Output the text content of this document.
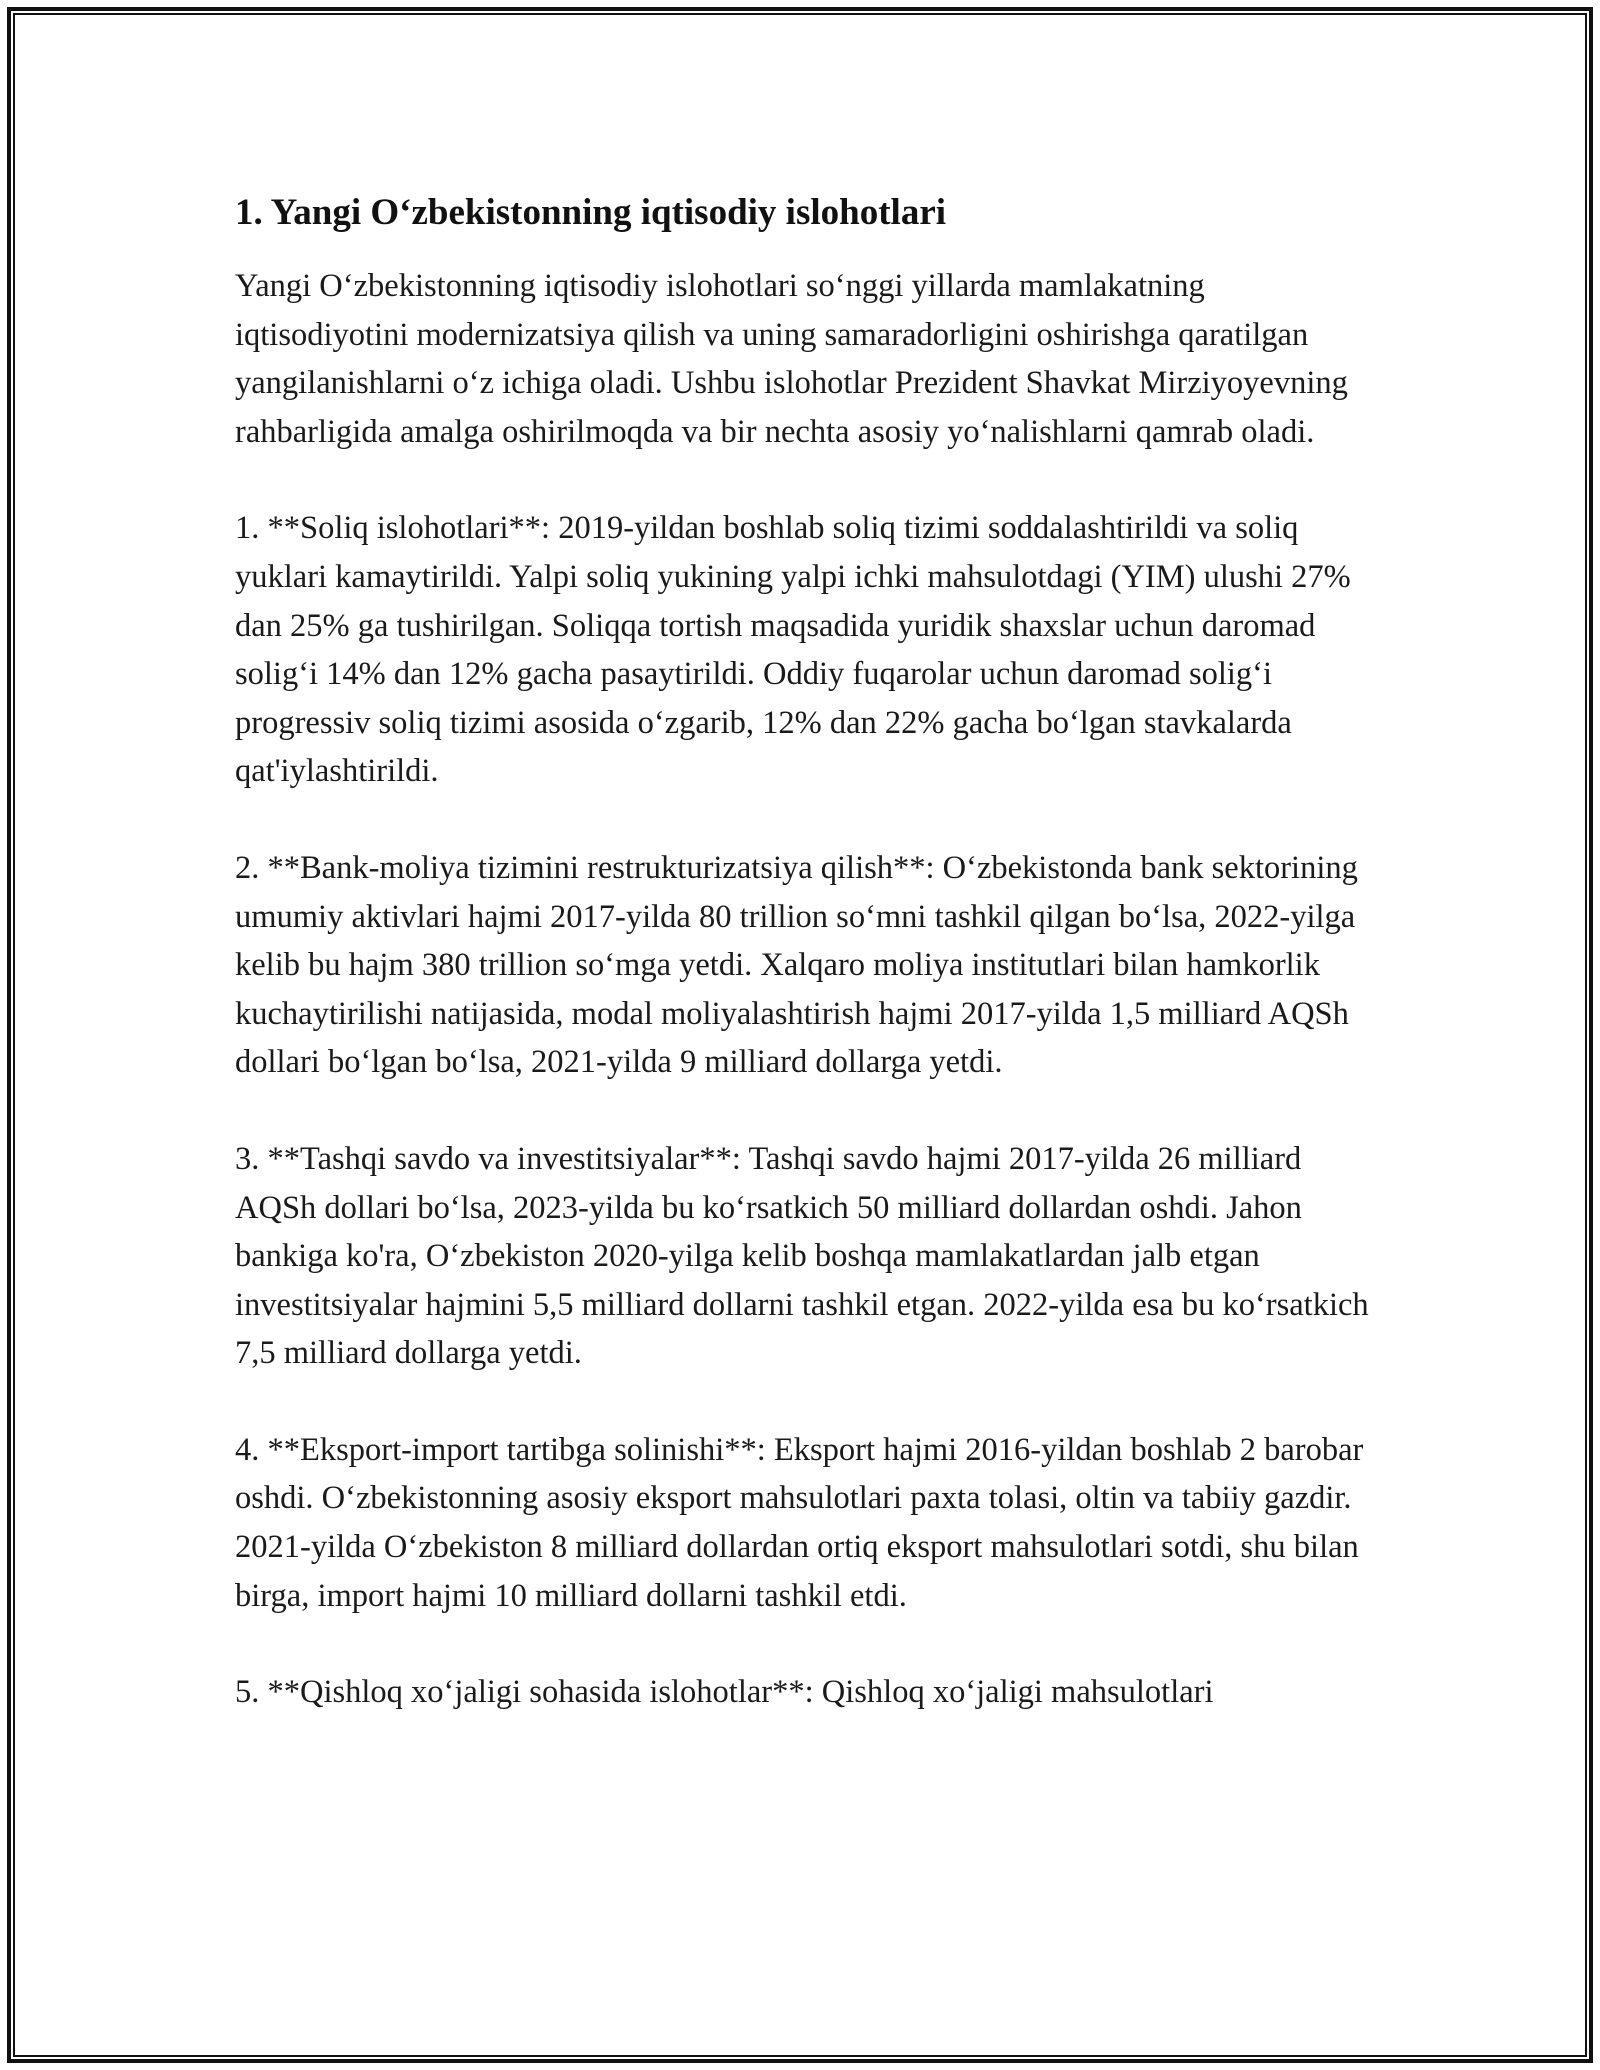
1. Yangi O‘zbekistonning iqtisodiy islohotlari

Yangi O‘zbekistonning iqtisodiy islohotlari so‘nggi yillarda mamlakatning iqtisodiyotini modernizatsiya qilish va uning samaradorligini oshirishga qaratilgan yangilanishlarni o‘z ichiga oladi. Ushbu islohotlar Prezident Shavkat Mirziyoyevning rahbarligida amalga oshirilmoqda va bir nechta asosiy yo‘nalishlarni qamrab oladi.

1. **Soliq islohotlari**: 2019-yildan boshlab soliq tizimi soddalashtirildi va soliq yuklari kamaytirildi. Yalpi soliq yukining yalpi ichki mahsulotdagi (YIM) ulushi 27% dan 25% ga tushirilgan. Soliqqa tortish maqsadida yuridik shaxslar uchun daromad solig‘i 14% dan 12% gacha pasaytirildi. Oddiy fuqarolar uchun daromad solig‘i progressiv soliq tizimi asosida o‘zgarib, 12% dan 22% gacha bo‘lgan stavkalarda qat'iylashtirildi.

2. **Bank-moliya tizimini restrukturizatsiya qilish**: O‘zbekistonda bank sektorining umumiy aktivlari hajmi 2017-yilda 80 trillion so‘mni tashkil qilgan bo‘lsa, 2022-yilga kelib bu hajm 380 trillion so‘mga yetdi. Xalqaro moliya institutlari bilan hamkorlik kuchaytirilishi natijasida, modal moliyalashtirish hajmi 2017-yilda 1,5 milliard AQSh dollari bo‘lgan bo‘lsa, 2021-yilda 9 milliard dollarga yetdi.

3. **Tashqi savdo va investitsiyalar**: Tashqi savdo hajmi 2017-yilda 26 milliard AQSh dollari bo‘lsa, 2023-yilda bu ko‘rsatkich 50 milliard dollardan oshdi. Jahon bankiga ko'ra, O‘zbekiston 2020-yilga kelib boshqa mamlakatlardan jalb etgan investitsiyalar hajmini 5,5 milliard dollarni tashkil etgan. 2022-yilda esa bu ko‘rsatkich 7,5 milliard dollarga yetdi.

4. **Eksport-import tartibga solinishi**: Eksport hajmi 2016-yildan boshlab 2 barobar oshdi. O‘zbekistonning asosiy eksport mahsulotlari paxta tolasi, oltin va tabiiy gazdir. 2021-yilda O‘zbekiston 8 milliard dollardan ortiq eksport mahsulotlari sotdi, shu bilan birga, import hajmi 10 milliard dollarni tashkil etdi.

5. **Qishloq xo‘jaligi sohasida islohotlar**: Qishloq xo‘jaligi mahsulotlari
